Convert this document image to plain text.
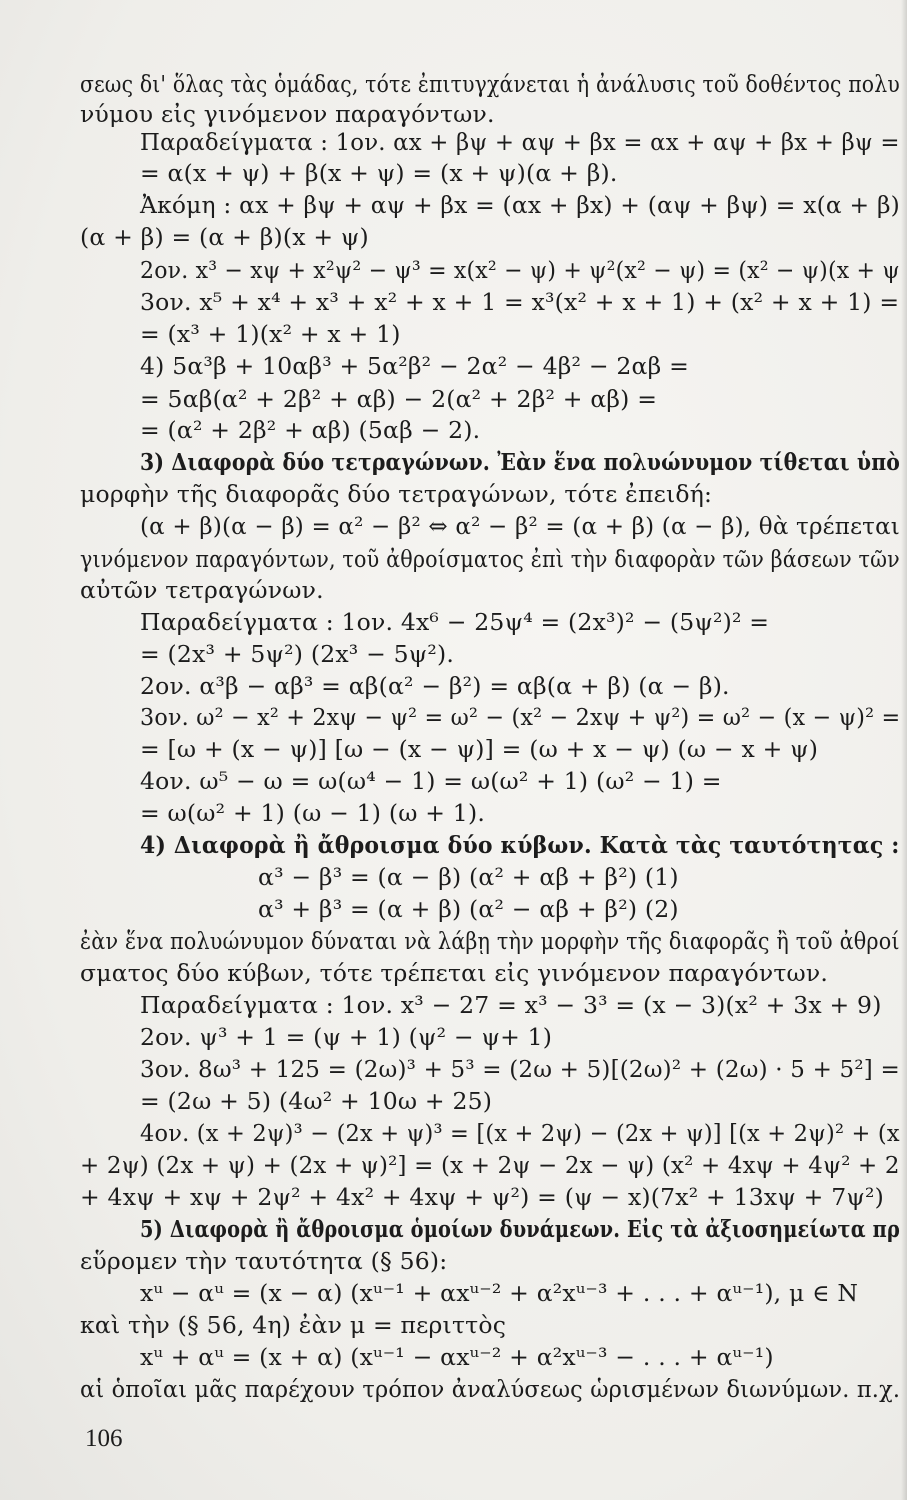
σεως δι' ὅλας τὰς ὁμάδας, τότε ἐπιτυγχάνεται ἡ ἀνάλυσις τοῦ δοθέντος πολυ
νύμου εἰς γινόμενον παραγόντων.
Παραδείγματα : 1ον. αx + βψ + αψ + βx = αx + αψ + βx + βψ =
= α(x + ψ) + β(x + ψ) = (x + ψ)(α + β).
Ἀκόμη : αx + βψ + αψ + βx = (αx + βx) + (αψ + βψ) = x(α + β)
(α + β) = (α + β)(x + ψ)
2ον. x³ − xψ + x²ψ² − ψ³ = x(x² − ψ) + ψ²(x² − ψ) = (x² − ψ)(x + ψ
3ον. x⁵ + x⁴ + x³ + x² + x + 1 = x³(x² + x + 1) + (x² + x + 1) =
= (x³ + 1)(x² + x + 1)
4) 5α³β + 10αβ³ + 5α²β² − 2α² − 4β² − 2αβ =
= 5αβ(α² + 2β² + αβ) − 2(α² + 2β² + αβ) =
= (α² + 2β² + αβ) (5αβ − 2).
3) Διαφορὰ δύο τετραγώνων. Ἐὰν ἕνα πολυώνυμον τίθεται ὑπὸ
μορφὴν τῆς διαφορᾶς δύο τετραγώνων, τότε ἐπειδή:
(α + β)(α − β) = α² − β² ⇔ α² − β² = (α + β) (α − β), θὰ τρέπεται
γινόμενον παραγόντων, τοῦ ἀθροίσματος ἐπὶ τὴν διαφορὰν τῶν βάσεων τῶν
αὐτῶν τετραγώνων.
Παραδείγματα : 1ον. 4x⁶ − 25ψ⁴ = (2x³)² − (5ψ²)² =
= (2x³ + 5ψ²) (2x³ − 5ψ²).
2ον. α³β − αβ³ = αβ(α² − β²) = αβ(α + β) (α − β).
3ον. ω² − x² + 2xψ − ψ² = ω² − (x² − 2xψ + ψ²) = ω² − (x − ψ)² =
= [ω + (x − ψ)] [ω − (x − ψ)] = (ω + x − ψ) (ω − x + ψ)
4ον. ω⁵ − ω = ω(ω⁴ − 1) = ω(ω² + 1) (ω² − 1) =
= ω(ω² + 1) (ω − 1) (ω + 1).
4) Διαφορὰ ἢ ἄθροισμα δύο κύβων. Κατὰ τὰς ταυτότητας :
α³ − β³ = (α − β) (α² + αβ + β²) (1)
α³ + β³ = (α + β) (α² − αβ + β²) (2)
ἐὰν ἕνα πολυώνυμον δύναται νὰ λάβῃ τὴν μορφὴν τῆς διαφορᾶς ἢ τοῦ ἀθροί
σματος δύο κύβων, τότε τρέπεται εἰς γινόμενον παραγόντων.
Παραδείγματα : 1ον. x³ − 27 = x³ − 3³ = (x − 3)(x² + 3x + 9)
2ον. ψ³ + 1 = (ψ + 1) (ψ² − ψ+ 1)
3ον. 8ω³ + 125 = (2ω)³ + 5³ = (2ω + 5)[(2ω)² + (2ω) · 5 + 5²] =
= (2ω + 5) (4ω² + 10ω + 25)
4ον. (x + 2ψ)³ − (2x + ψ)³ = [(x + 2ψ) − (2x + ψ)] [(x + 2ψ)² + (x
+ 2ψ) (2x + ψ) + (2x + ψ)²] = (x + 2ψ − 2x − ψ) (x² + 4xψ + 4ψ² + 2
+ 4xψ + xψ + 2ψ² + 4x² + 4xψ + ψ²) = (ψ − x)(7x² + 13xψ + 7ψ²)
5) Διαφορὰ ἢ ἄθροισμα ὁμοίων δυνάμεων. Εἰς τὰ ἀξιοσημείωτα πρ
εὕρομεν τὴν ταυτότητα (§ 56):
xᵘ − αᵘ = (x − α) (xᵘ⁻¹ + αxᵘ⁻² + α²xᵘ⁻³ + . . . + αᵘ⁻¹), μ ∈ N
καὶ τὴν (§ 56, 4η) ἐὰν μ = περιττὸς
xᵘ + αᵘ = (x + α) (xᵘ⁻¹ − αxᵘ⁻² + α²xᵘ⁻³ − . . . + αᵘ⁻¹)
αἱ ὁποῖαι μᾶς παρέχουν τρόπον ἀναλύσεως ὡρισμένων διωνύμων. π.χ.
106
